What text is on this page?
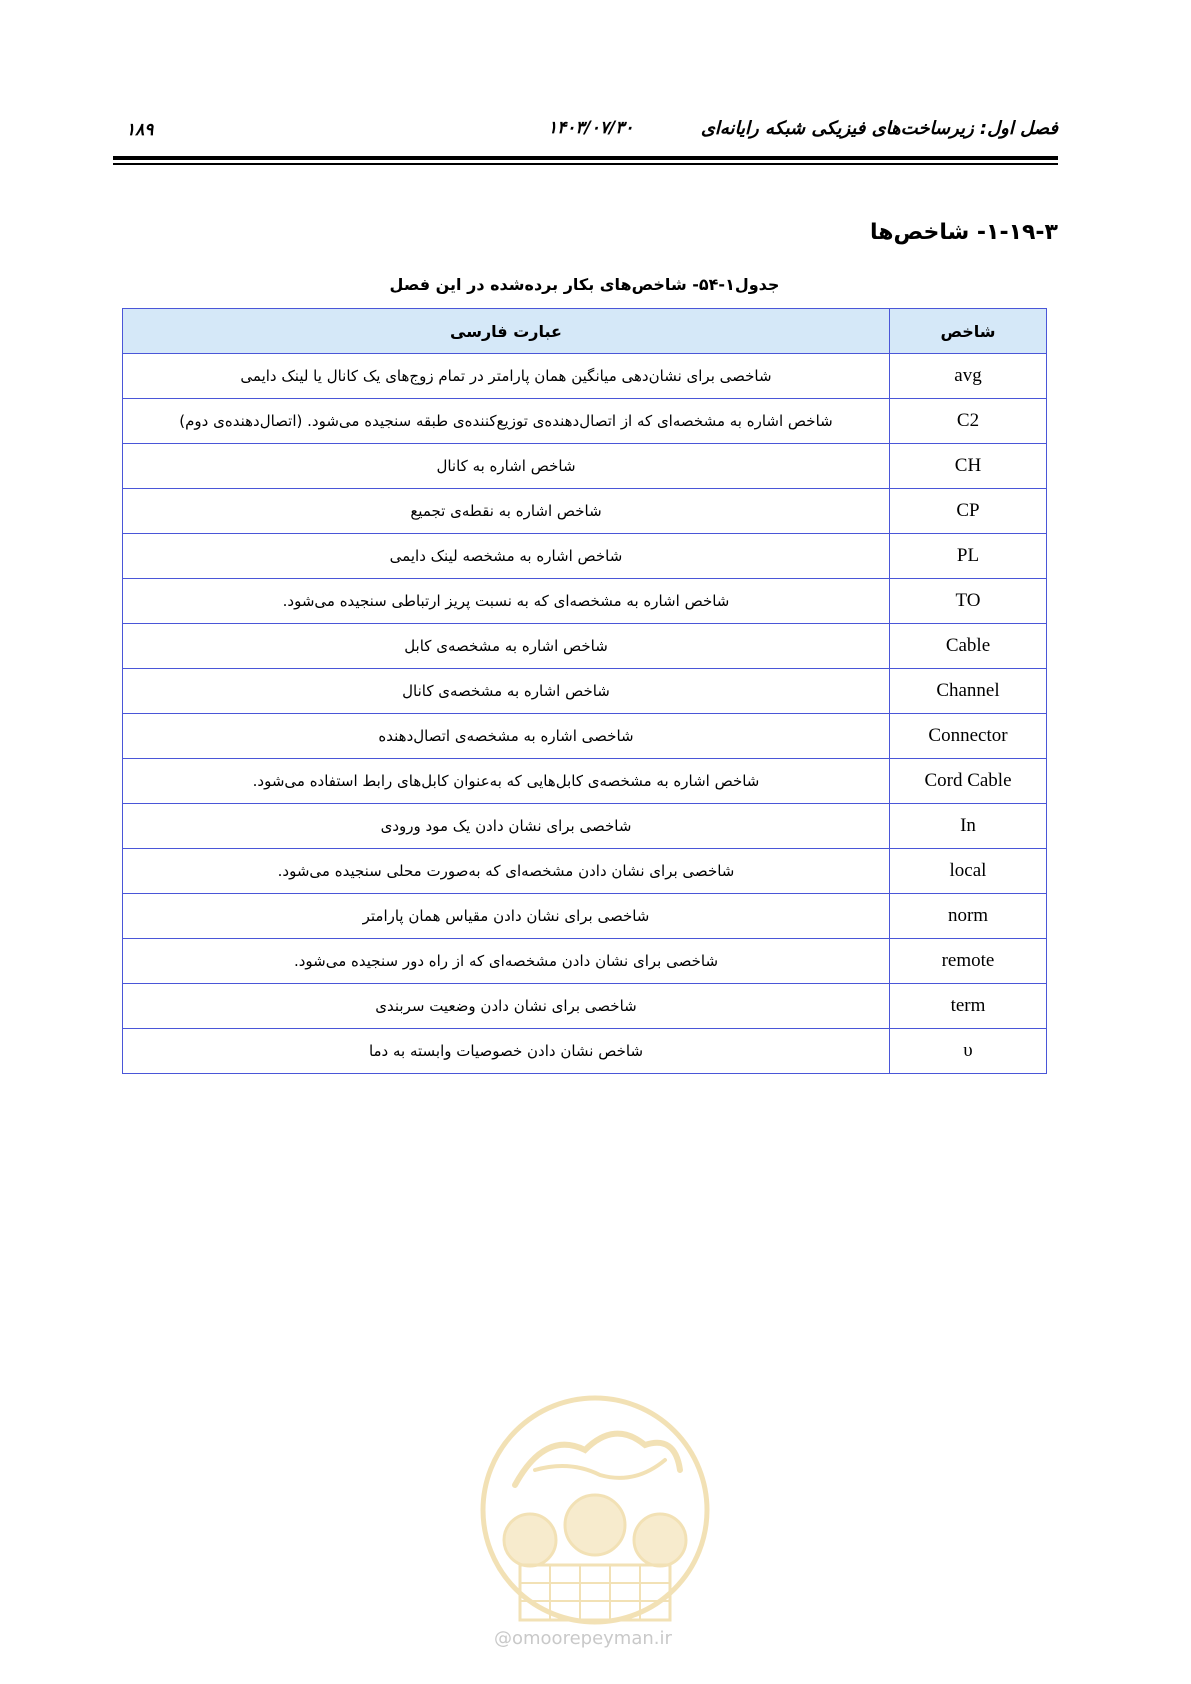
فصل اول: زیرساخت‌های فیزیکی شبکه رایانه‌ای
۱۴۰۳/۰۷/۳۰
۱۸۹
۱-۱۹-۳- شاخص‌ها
جدول۱-۵۴- شاخص‌های بکار برده‌شده در این فصل
شاخص	عبارت فارسی
avg	شاخصی برای نشان‌دهی میانگین همان پارامتر در تمام زوج‌های یک کانال یا لینک دایمی
C2	شاخص اشاره به مشخصه‌ای که از اتصال‌دهنده‌ی توزیع‌کننده‌ی طبقه سنجیده می‌شود. (اتصال‌دهنده‌ی دوم)
CH	شاخص اشاره به کانال
CP	شاخص اشاره به نقطه‌ی تجمیع
PL	شاخص اشاره به مشخصه لینک دایمی
TO	شاخص اشاره به مشخصه‌ای که به نسبت پریز ارتباطی سنجیده می‌شود.
Cable	شاخص اشاره به مشخصه‌ی کابل
Channel	شاخص اشاره به مشخصه‌ی کانال
Connector	شاخصی اشاره به مشخصه‌ی اتصال‌دهنده
Cord Cable	شاخص اشاره به مشخصه‌ی کابل‌هایی که به‌عنوان کابل‌های رابط استفاده می‌شود.
In	شاخصی برای نشان دادن یک مود ورودی
local	شاخصی برای نشان دادن مشخصه‌ای که به‌صورت محلی سنجیده می‌شود.
norm	شاخصی برای نشان دادن مقیاس همان پارامتر
remote	شاخصی برای نشان دادن مشخصه‌ای که از راه دور سنجیده می‌شود.
term	شاخصی برای نشان دادن وضعیت سربندی
υ	شاخص نشان دادن خصوصیات وابسته به دما
@omoorepeyman.ir
